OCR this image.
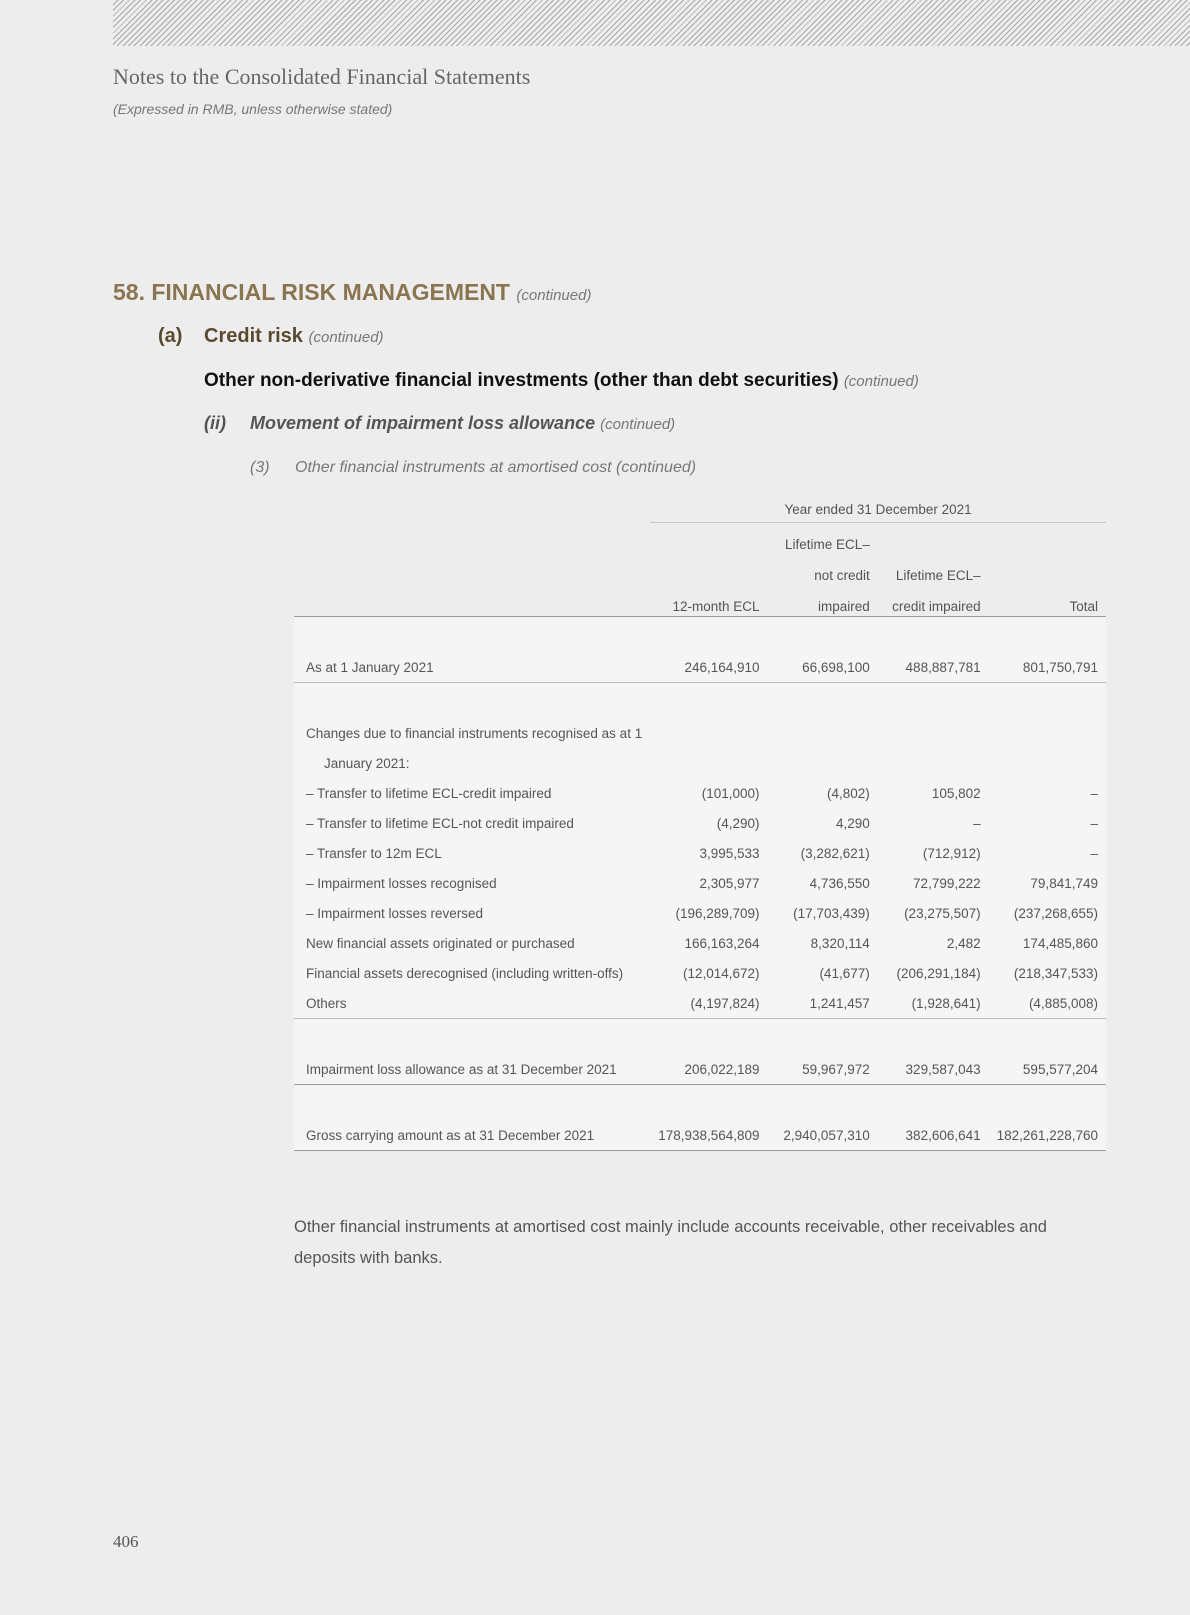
Notes to the Consolidated Financial Statements
(Expressed in RMB, unless otherwise stated)
58. FINANCIAL RISK MANAGEMENT (continued)
(a) Credit risk (continued)
Other non-derivative financial investments (other than debt securities) (continued)
(ii) Movement of impairment loss allowance (continued)
(3) Other financial instruments at amortised cost (continued)
	Year ended 31 December 2021			
		Lifetime ECL–		
		not credit	Lifetime ECL–	
	12-month ECL	impaired	credit impaired	Total

As at 1 January 2021	246,164,910	66,698,100	488,887,781	801,750,791

Changes due to financial instruments recognised as at 1				
January 2021:				
– Transfer to lifetime ECL-credit impaired	(101,000)	(4,802)	105,802	–
– Transfer to lifetime ECL-not credit impaired	(4,290)	4,290	–	–
– Transfer to 12m ECL	3,995,533	(3,282,621)	(712,912)	–
– Impairment losses recognised	2,305,977	4,736,550	72,799,222	79,841,749
– Impairment losses reversed	(196,289,709)	(17,703,439)	(23,275,507)	(237,268,655)
New financial assets originated or purchased	166,163,264	8,320,114	2,482	174,485,860
Financial assets derecognised (including written-offs)	(12,014,672)	(41,677)	(206,291,184)	(218,347,533)
Others	(4,197,824)	1,241,457	(1,928,641)	(4,885,008)

Impairment loss allowance as at 31 December 2021	206,022,189	59,967,972	329,587,043	595,577,204

Gross carrying amount as at 31 December 2021	178,938,564,809	2,940,057,310	382,606,641	182,261,228,760
Other financial instruments at amortised cost mainly include accounts receivable, other receivables and deposits with banks.
406
